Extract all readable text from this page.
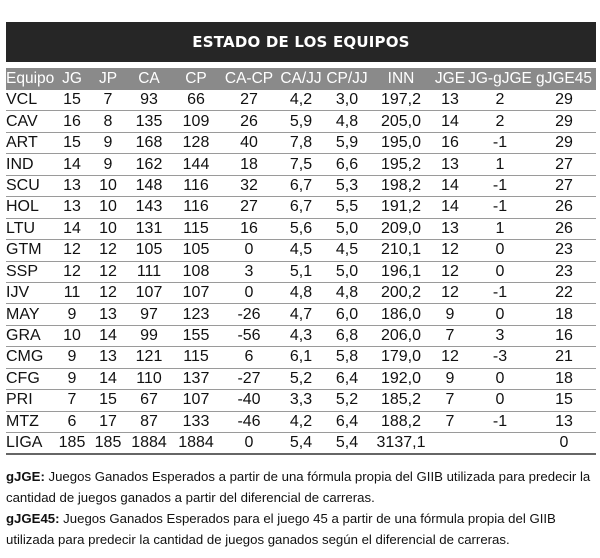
ESTADO DE LOS EQUIPOS
Equipo	JG	JP	CA	CP	CA-CP	CA/JJ	CP/JJ	INN	JGE	JG-gJGE	gJGE45
VCL	15	7	93	66	27	4,2	3,0	197,2	13	2	29
CAV	16	8	135	109	26	5,9	4,8	205,0	14	2	29
ART	15	9	168	128	40	7,8	5,9	195,0	16	-1	29
IND	14	9	162	144	18	7,5	6,6	195,2	13	1	27
SCU	13	10	148	116	32	6,7	5,3	198,2	14	-1	27
HOL	13	10	143	116	27	6,7	5,5	191,2	14	-1	26
LTU	14	10	131	115	16	5,6	5,0	209,0	13	1	26
GTM	12	12	105	105	0	4,5	4,5	210,1	12	0	23
SSP	12	12	111	108	3	5,1	5,0	196,1	12	0	23
IJV	11	12	107	107	0	4,8	4,8	200,2	12	-1	22
MAY	9	13	97	123	-26	4,7	6,0	186,0	9	0	18
GRA	10	14	99	155	-56	4,3	6,8	206,0	7	3	16
CMG	9	13	121	115	6	6,1	5,8	179,0	12	-3	21
CFG	9	14	110	137	-27	5,2	6,4	192,0	9	0	18
PRI	7	15	67	107	-40	3,3	5,2	185,2	7	0	15
MTZ	6	17	87	133	-46	4,2	6,4	188,2	7	-1	13
LIGA	185	185	1884	1884	0	5,4	5,4	3137,1			0

gJGE: Juegos Ganados Esperados a partir de una fórmula propia del GIIB utilizada para predecir la cantidad de juegos ganados a partir del diferencial de carreras.

gJGE45: Juegos Ganados Esperados para el juego 45 a partir de una fórmula propia del GIIB utilizada para predecir la cantidad de juegos ganados según el diferencial de carreras.
